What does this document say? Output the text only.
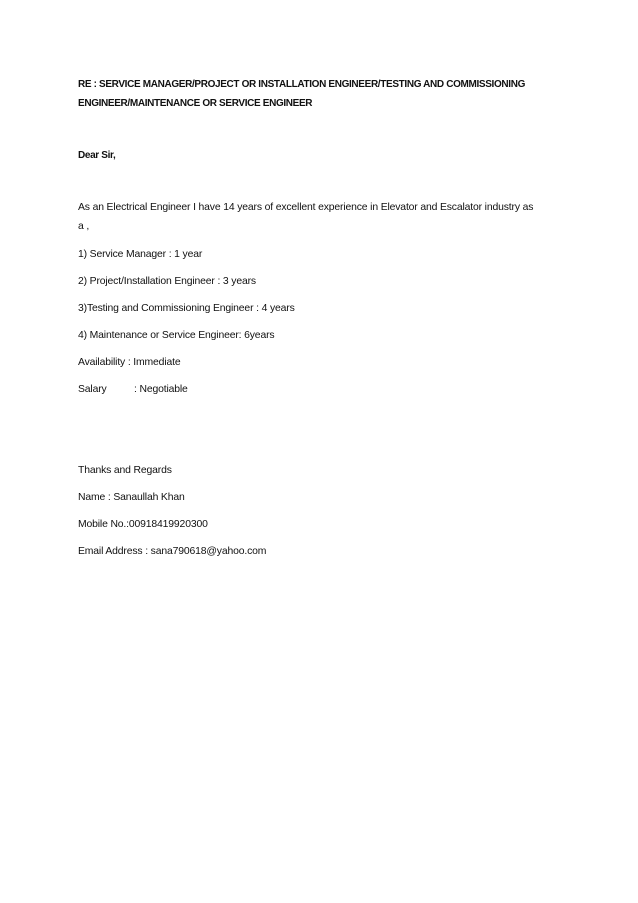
RE : SERVICE MANAGER/PROJECT OR INSTALLATION ENGINEER/TESTING AND COMMISSIONING
ENGINEER/MAINTENANCE OR SERVICE ENGINEER
Dear Sir,
As an Electrical Engineer I have 14 years of excellent experience in Elevator and Escalator industry as
a ,
1) Service Manager : 1 year
2) Project/Installation Engineer : 3 years
3)Testing and Commissioning Engineer : 4 years
4) Maintenance or Service Engineer: 6years
Availability : Immediate
Salary	: Negotiable
Thanks and Regards
Name : Sanaullah Khan
Mobile No.:00918419920300
Email Address : sana790618@yahoo.com
